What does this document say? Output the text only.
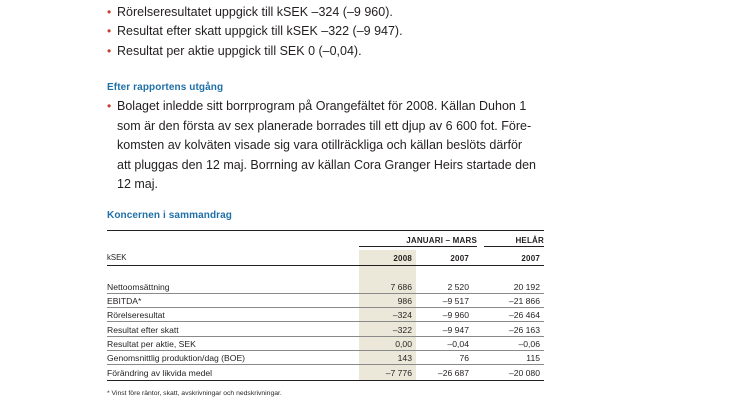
• Rörelseresultatet uppgick till kSEK –324 (–9 960).
• Resultat efter skatt uppgick till kSEK –322 (–9 947).
• Resultat per aktie uppgick till SEK 0 (–0,04).
Efter rapportens utgång
• Bolaget inledde sitt borrprogram på Orangefältet för 2008. Källan Duhon 1
som är den första av sex planerade borrades till ett djup av 6 600 fot. Före-
komsten av kolväten visade sig vara otillräckliga och källan beslöts därför
att pluggas den 12 maj. Borrning av källan Cora Granger Heirs startade den
12 maj.
Koncernen i sammandrag
JANUARI – MARS	HELÅR
kSEK	2008	2007	2007
Nettoomsättning	7 686	2 520	20 192
EBITDA*	986	–9 517	–21 866
Rörelseresultat	–324	–9 960	–26 464
Resultat efter skatt	–322	–9 947	–26 163
Resultat per aktie, SEK	0,00	–0,04	–0,06
Genomsnittlig produktion/dag (BOE)	143	76	115
Förändring av likvida medel	–7 776	–26 687	–20 080
* Vinst före räntor, skatt, avskrivningar och nedskrivningar.
